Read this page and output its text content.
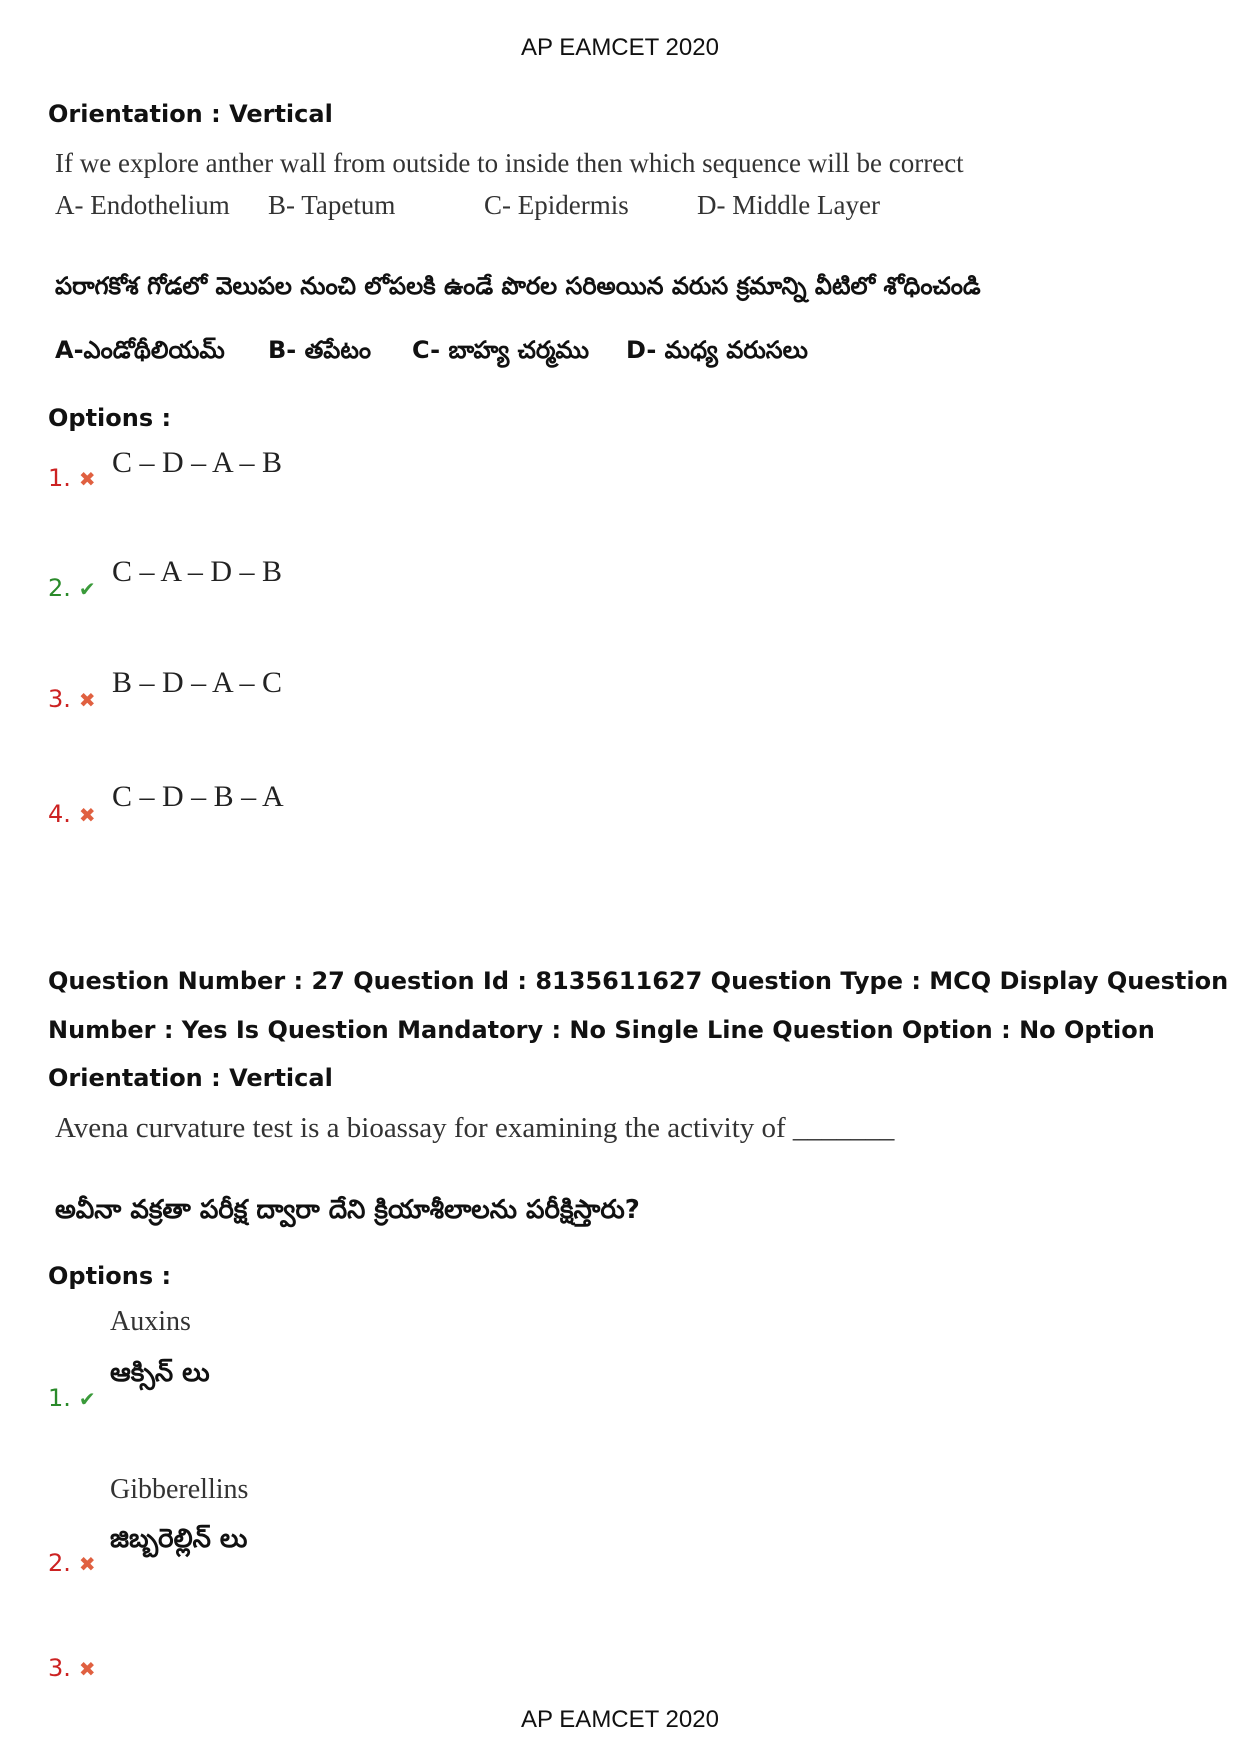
AP EAMCET 2020
Orientation : Vertical
If we explore anther wall from outside to inside then which sequence will be correct
A- Endothelium B- Tapetum	C- Epidermis	D- Middle Layer
పరాగకోశ గోడలో వెలుపల నుంచి లోపలకి ఉండే పొరల సరిఅయిన వరుస క్రమాన్ని వీటిలో శోధించండి
A-ఎండోథీలియమ్ B- తపేటం C- బాహ్య చర్మము D- మధ్య వరుసలు
Options :
1. ✖ C – D – A – B
2. ✔
C – A – D – B
3. ✖
B – D – A – C
4. ✖
C – D – B – A
Question Number : 27 Question Id : 8135611627 Question Type : MCQ Display Question
Number : Yes Is Question Mandatory : No Single Line Question Option : No Option
Orientation : Vertical
Avena curvature test is a bioassay for examining the activity of _______
అవీనా వక్రతా పరీక్ష ద్వారా దేని క్రియాశీలాలను పరీక్షిస్తారు?
Options :
Auxins
ఆక్సిన్ లు
1. ✔
Gibberellins
జిబ్బరెల్లిన్ లు
2. ✖
3. ✖
AP EAMCET 2020
